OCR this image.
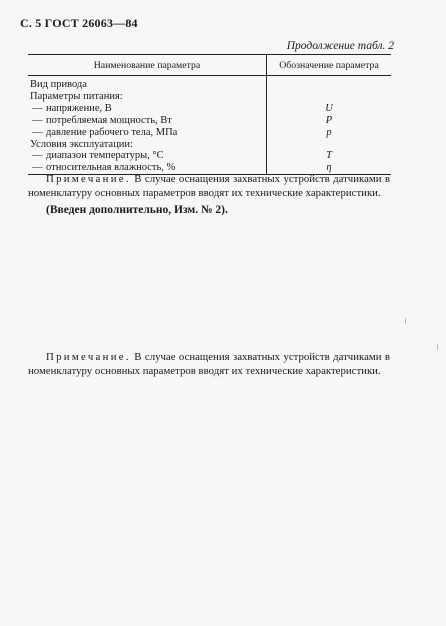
С. 5 ГОСТ 26063—84
Продолжение табл. 2
Наименование параметра	Обозначение параметра
Вид привода	
Параметры питания:	
— напряжение, В	U
— потребляемая мощность, Вт	P
— давление рабочего тела, МПа	p
Условия эксплуатации:	
— диапазон температуры, °С	T
— относительная влажность, %	η
Примечание. В случае оснащения захватных устройств датчиками в номенклатуру основных параметров вводят их технические характеристики.
(Введен дополнительно, Изм. № 2).
Примечание. В случае оснащения захватных устройств датчиками в номенклатуру основных параметров вводят их технические характеристики.
